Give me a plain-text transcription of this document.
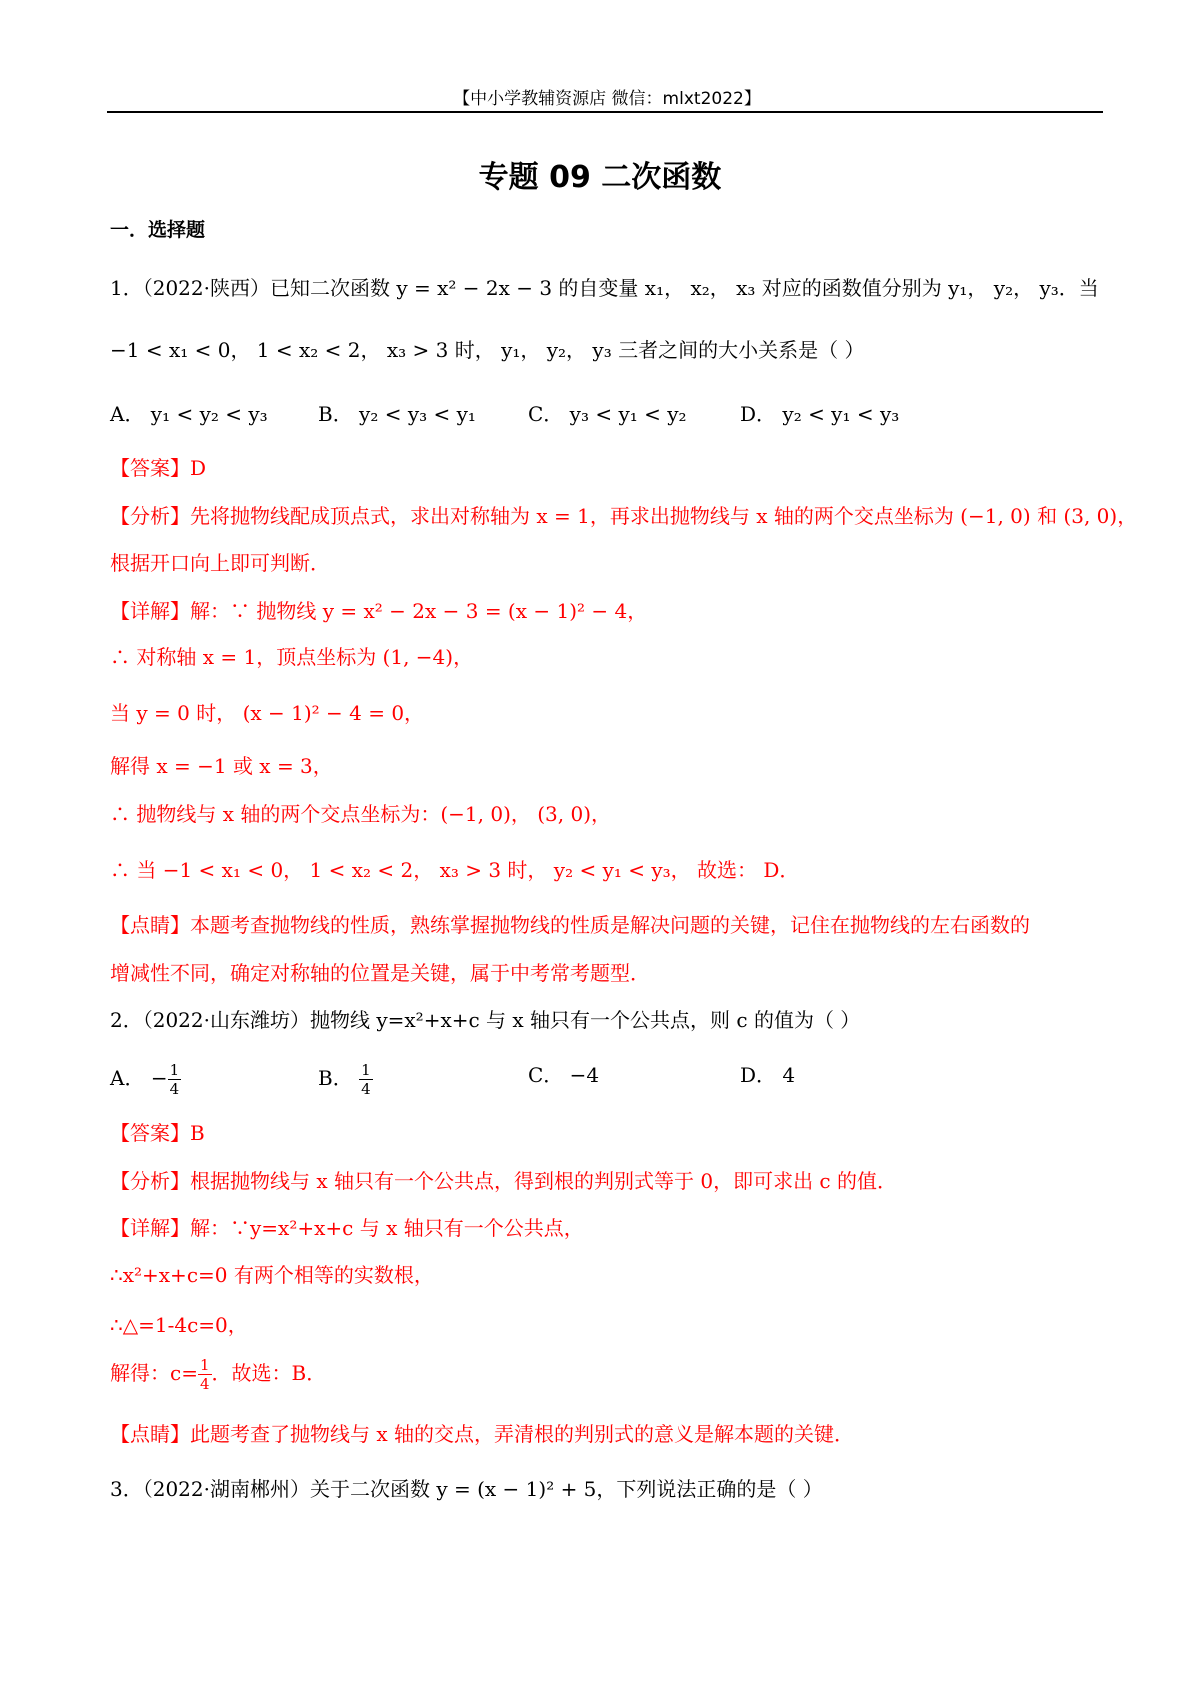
【中小学教辅资源店 微信：mlxt2022】
专题 09 二次函数
一．选择题
1．（2022·陕西）已知二次函数 y = x² − 2x − 3 的自变量 x₁， x₂， x₃ 对应的函数值分别为 y₁， y₂， y₃．当
−1 < x₁ < 0， 1 < x₂ < 2， x₃ > 3 时， y₁， y₂， y₃ 三者之间的大小关系是（ ）
A． y₁ < y₂ < y₃	B． y₂ < y₃ < y₁	C． y₃ < y₁ < y₂	D． y₂ < y₁ < y₃
【答案】D
【分析】先将抛物线配成顶点式，求出对称轴为 x = 1，再求出抛物线与 x 轴的两个交点坐标为 (−1, 0) 和 (3, 0)，
根据开口向上即可判断．
【详解】解：∵ 抛物线 y = x² − 2x − 3 = (x − 1)² − 4，
∴ 对称轴 x = 1，顶点坐标为 (1, −4)，
当 y = 0 时， (x − 1)² − 4 = 0，
解得 x = −1 或 x = 3，
∴ 抛物线与 x 轴的两个交点坐标为：(−1, 0)， (3, 0)，
∴ 当 −1 < x₁ < 0， 1 < x₂ < 2， x₃ > 3 时， y₂ < y₁ < y₃， 故选： D．
【点睛】本题考查抛物线的性质，熟练掌握抛物线的性质是解决问题的关键，记住在抛物线的左右函数的
增减性不同，确定对称轴的位置是关键，属于中考常考题型．
2．（2022·山东潍坊）抛物线 y=x²+x+c 与 x 轴只有一个公共点，则 c 的值为（ ）
A． − $\frac{1}{4}$	B． $\frac{1}{4}$	C． −4	D． 4
【答案】B
【分析】根据抛物线与 x 轴只有一个公共点，得到根的判别式等于 0，即可求出 c 的值．
【详解】解：∵y=x²+x+c 与 x 轴只有一个公共点，
∴x²+x+c=0 有两个相等的实数根，
∴△=1-4c=0，
解得：$c= \frac{1}{4}$ ．故选：B．
【点睛】此题考查了抛物线与 x 轴的交点，弄清根的判别式的意义是解本题的关键．
3．（2022·湖南郴州）关于二次函数 y = (x − 1)² + 5，下列说法正确的是（ ）
